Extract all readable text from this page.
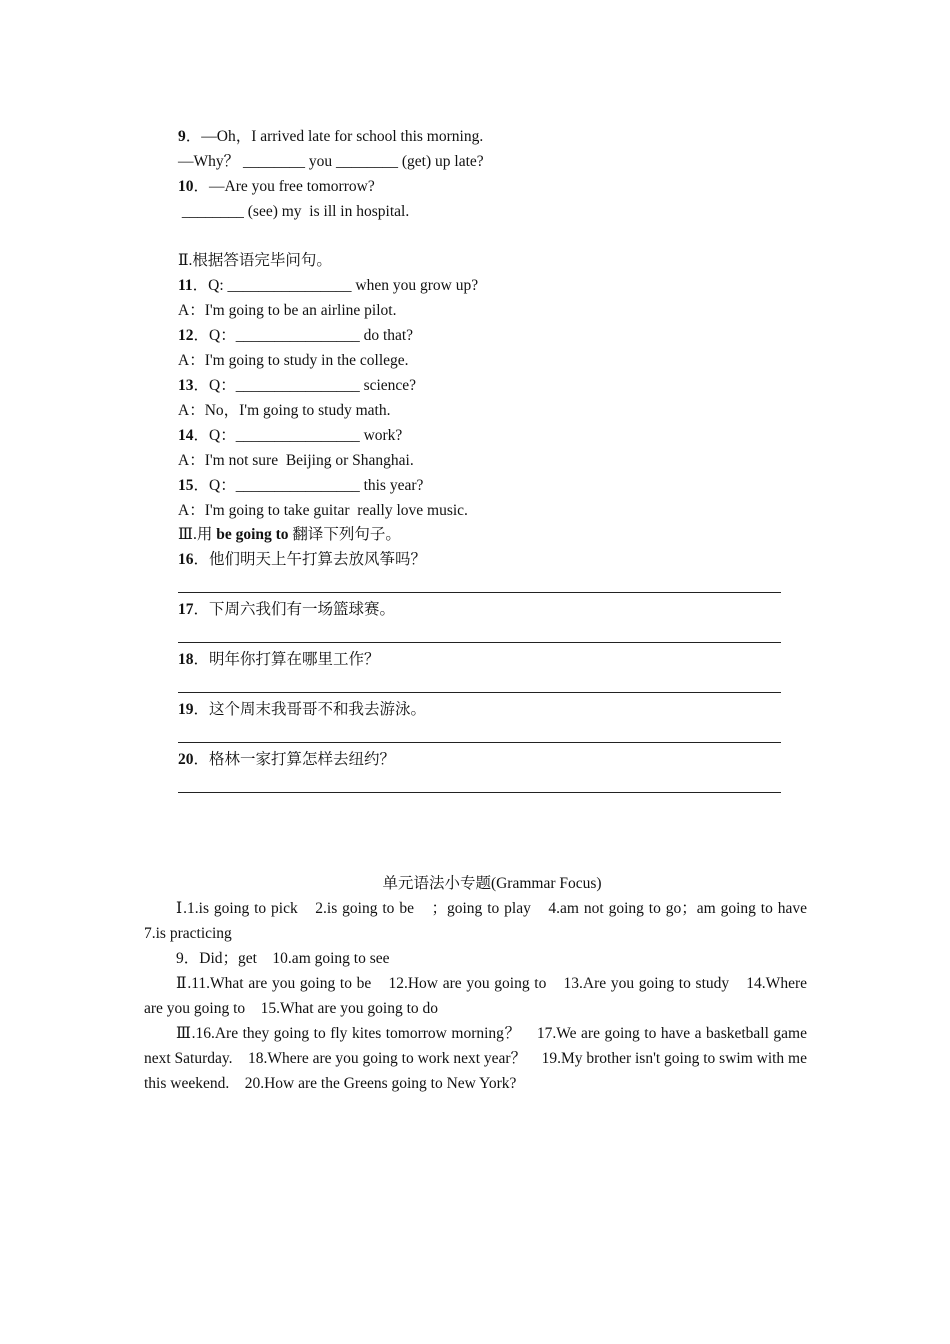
9．—Oh，I arrived late for school this morning.
—Why？ ________ you ________ (get) up late?
10．—Are you free tomorrow?
________ (see) my  is ill in hospital.
Ⅱ.根据答语完毕问句。
11．Q: ________________ when you grow up?
A：I'm going to be an airline pilot.
12．Q：________________ do that?
A：I'm going to study in the college.
13．Q：________________ science?
A：No，I'm going to study math.
14．Q：________________ work?
A：I'm not sure  Beijing or Shanghai.
15．Q：________________ this year?
A：I'm going to take guitar  really love music.
Ⅲ.用 be going to 翻译下列句子。
16．他们明天上午打算去放风筝吗？
17．下周六我们有一场篮球赛。
18．明年你打算在哪里工作？
19．这个周末我哥哥不和我去游泳。
20．格林一家打算怎样去纽约？
单元语法小专题(Grammar Focus)

Ⅰ.1.is going to pick　2.is going to be　；going to play　4.am not going to go；am going to have　　　7.is practicing

9．Did；get　10.am going to see

Ⅱ.11.What are you going to be　12.How are you going to　13.Are you going to study　14.Where are you going to　15.What are you going to do

Ⅲ.16.Are they going to fly kites tomorrow morning？　17.We are going to have a basketball game next Saturday.　18.Where are you going to work next year？　19.My brother isn't going to swim with me this weekend.　20.How are the Greens going to New York?
